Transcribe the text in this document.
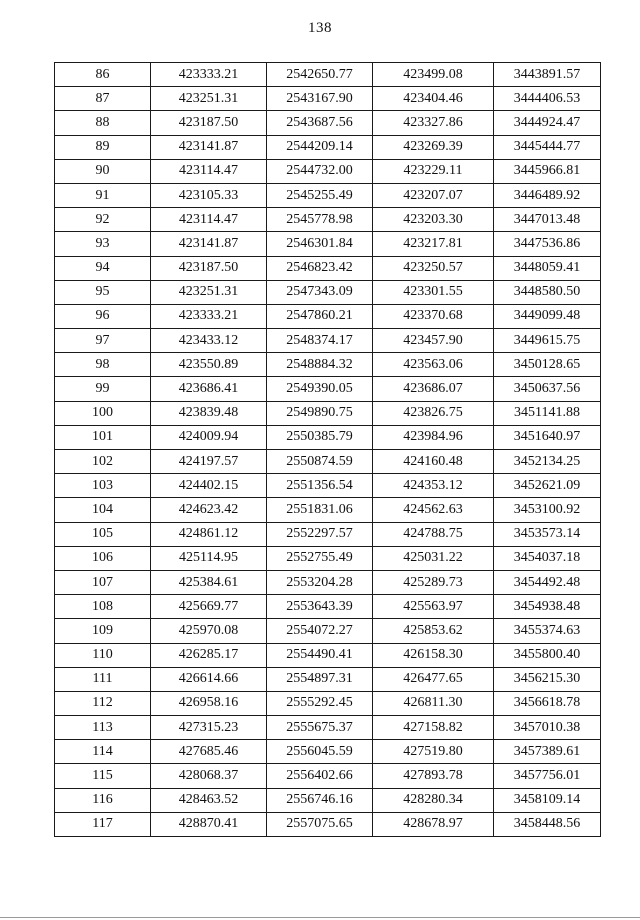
138
86	423333.21	2542650.77	423499.08	3443891.57
87	423251.31	2543167.90	423404.46	3444406.53
88	423187.50	2543687.56	423327.86	3444924.47
89	423141.87	2544209.14	423269.39	3445444.77
90	423114.47	2544732.00	423229.11	3445966.81
91	423105.33	2545255.49	423207.07	3446489.92
92	423114.47	2545778.98	423203.30	3447013.48
93	423141.87	2546301.84	423217.81	3447536.86
94	423187.50	2546823.42	423250.57	3448059.41
95	423251.31	2547343.09	423301.55	3448580.50
96	423333.21	2547860.21	423370.68	3449099.48
97	423433.12	2548374.17	423457.90	3449615.75
98	423550.89	2548884.32	423563.06	3450128.65
99	423686.41	2549390.05	423686.07	3450637.56
100	423839.48	2549890.75	423826.75	3451141.88
101	424009.94	2550385.79	423984.96	3451640.97
102	424197.57	2550874.59	424160.48	3452134.25
103	424402.15	2551356.54	424353.12	3452621.09
104	424623.42	2551831.06	424562.63	3453100.92
105	424861.12	2552297.57	424788.75	3453573.14
106	425114.95	2552755.49	425031.22	3454037.18
107	425384.61	2553204.28	425289.73	3454492.48
108	425669.77	2553643.39	425563.97	3454938.48
109	425970.08	2554072.27	425853.62	3455374.63
110	426285.17	2554490.41	426158.30	3455800.40
111	426614.66	2554897.31	426477.65	3456215.30
112	426958.16	2555292.45	426811.30	3456618.78
113	427315.23	2555675.37	427158.82	3457010.38
114	427685.46	2556045.59	427519.80	3457389.61
115	428068.37	2556402.66	427893.78	3457756.01
116	428463.52	2556746.16	428280.34	3458109.14
117	428870.41	2557075.65	428678.97	3458448.56
